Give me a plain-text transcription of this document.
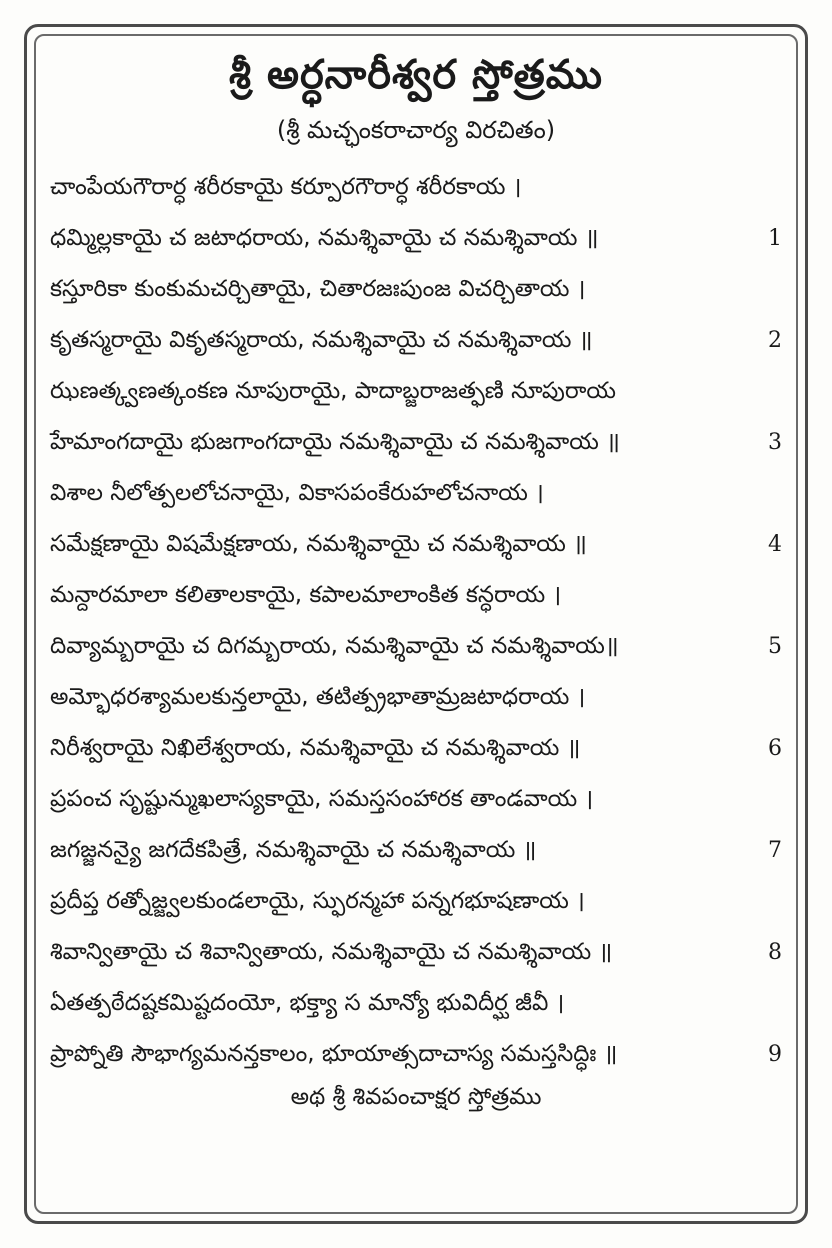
శ్రీ అర్ధనారీశ్వర స్తోత్రము
(శ్రీ మచ్ఛంకరాచార్య విరచితం)
చాంపేయగౌరార్ధ శరీరకాయై కర్పూరగౌరార్ధ శరీరకాయ ।
ధమ్మిల్లకాయై చ జటాధరాయ, నమశ్శివాయై చ నమశ్శివాయ ॥	1
కస్తూరికా కుంకుమచర్చితాయై, చితారజఃపుంజ విచర్చితాయ ।
కృతస్మరాయై వికృతస్మరాయ, నమశ్శివాయై చ నమశ్శివాయ ॥	2
ఝణత్క్వణత్కంకణ నూపురాయై, పాదాబ్జరాజత్ఫణి నూపురాయ
హేమాంగదాయై భుజగాంగదాయై నమశ్శివాయై చ నమశ్శివాయ ॥	3
విశాల నీలోత్పలలోచనాయై, వికాసపంకేరుహలోచనాయ ।
సమేక్షణాయై విషమేక్షణాయ, నమశ్శివాయై చ నమశ్శివాయ ॥	4
మన్దారమాలా కలితాలకాయై, కపాలమాలాంకిత కన్ధరాయ ।
దివ్యామ్బరాయై చ దిగమ్బరాయ, నమశ్శివాయై చ నమశ్శివాయ॥	5
అమ్భోధరశ్యామలకున్తలాయై, తటిత్ప్రభాతామ్రజటాధరాయ ।
నిరీశ్వరాయై నిఖిలేశ్వరాయ, నమశ్శివాయై చ నమశ్శివాయ ॥	6
ప్రపంచ సృష్టున్ముఖలాస్యకాయై, సమస్తసంహారక తాండవాయ ।
జగజ్జనన్యై జగదేకపిత్రే, నమశ్శివాయై చ నమశ్శివాయ ॥	7
ప్రదీప్త రత్నోజ్జ్వలకుండలాయై, స్ఫురన్మహా పన్నగభూషణాయ ।
శివాన్వితాయై చ శివాన్వితాయ, నమశ్శివాయై చ నమశ్శివాయ ॥	8
ఏతత్పఠేదష్టకమిష్టదంయో, భక్త్యా స మాన్యో భువిదీర్ఘ జీవీ ।
ప్రాప్నోతి సౌభాగ్యమనన్తకాలం, భూయాత్సదాచాస్య సమస్తసిద్ధిః ॥	9
అథ శ్రీ శివపంచాక్షర స్తోత్రము
